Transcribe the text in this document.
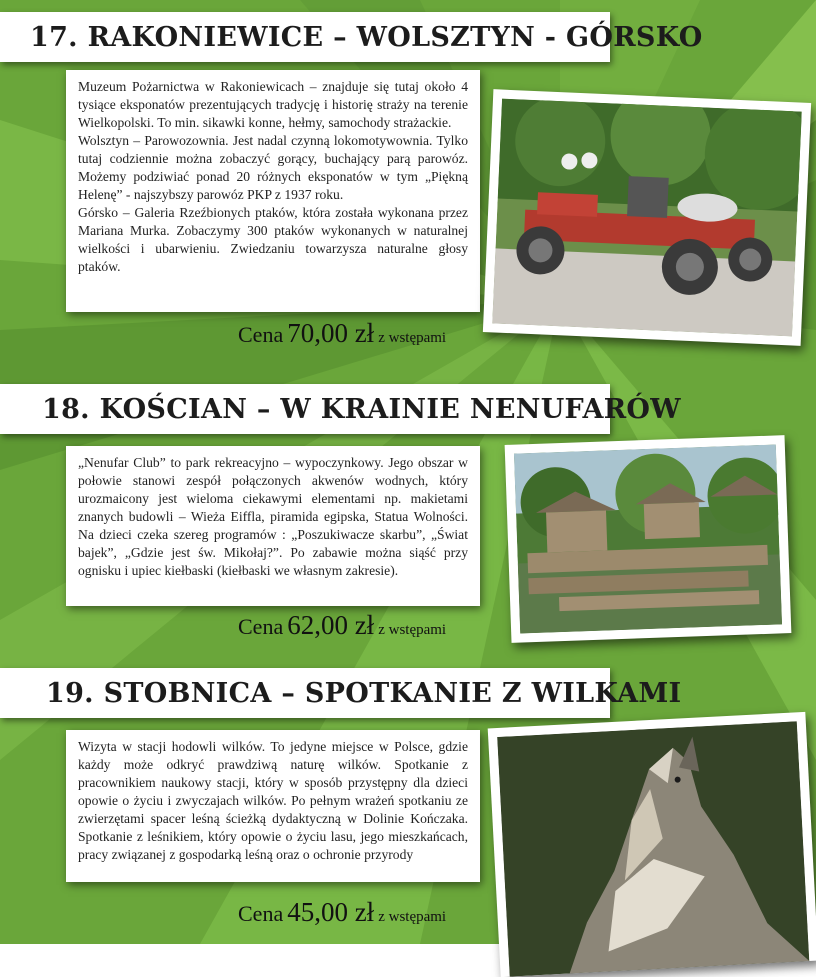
17. RAKONIEWICE – WOLSZTYN - GÓRSKO

Muzeum Pożarnictwa w Rakoniewicach – znajduje się tutaj około 4 tysiące eksponatów prezentujących tradycję i historię straży na terenie Wielkopolski. To min. sikawki konne, hełmy, samochody strażackie.

Wolsztyn – Parowozownia. Jest nadal czynną lokomotywownia. Tylko tutaj codziennie można zobaczyć gorący, buchający parą parowóz. Możemy podziwiać ponad 20 różnych eksponatów w tym „Piękną Helenę” - najszybszy parowóz PKP z 1937 roku.

Górsko – Galeria Rzeźbionych ptaków, która została wykonana przez Mariana Murka. Zobaczymy 300 ptaków wykonanych w naturalnej wielkości i ubarwieniu. Zwiedzaniu towarzysza naturalne głosy ptaków.

Cena 70,00 zł z wstępami
18. KOŚCIAN – W KRAINIE NENUFARÓW

„Nenufar Club” to park rekreacyjno – wypoczynkowy. Jego obszar w połowie stanowi zespół połączonych akwenów wodnych, który urozmaicony jest wieloma ciekawymi elementami np. makietami znanych budowli – Wieża Eiffla, piramida egipska, Statua Wolności. Na dzieci czeka szereg programów : „Poszukiwacze skarbu”, „Świat bajek”, „Gdzie jest św. Mikołaj?”. Po zabawie można siąść przy ognisku i upiec kiełbaski (kiełbaski we własnym zakresie).

Cena 62,00 zł z wstępami
19. STOBNICA – SPOTKANIE Z WILKAMI

Wizyta w stacji hodowli wilków. To jedyne miejsce w Polsce, gdzie każdy może odkryć prawdziwą naturę wilków. Spotkanie z pracownikiem naukowy stacji, który w sposób przystępny dla dzieci opowie o życiu i zwyczajach wilków. Po pełnym wrażeń spotkaniu ze zwierzętami spacer leśną ścieżką dydaktyczną w Dolinie Kończaka. Spotkanie z leśnikiem, który opowie o życiu lasu, jego mieszkańcach, pracy związanej z gospodarką leśną oraz o ochronie przyrody

Cena 45,00 zł z wstępami
